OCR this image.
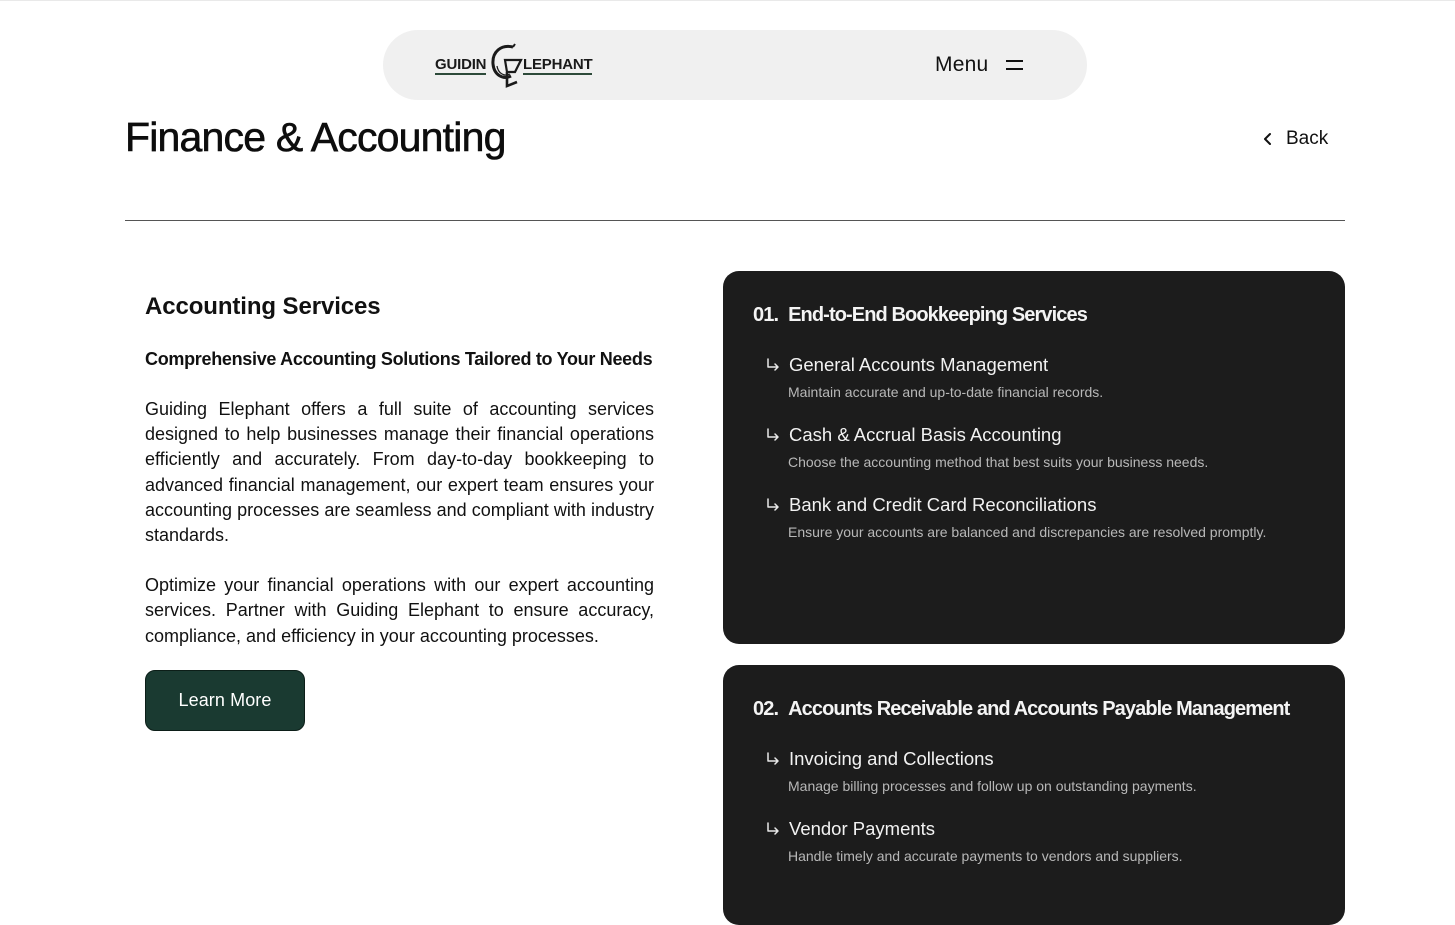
GUIDIN LEPHANT	Menu
Finance & Accounting	Back
Accounting Services
Comprehensive Accounting Solutions Tailored to Your Needs

Guiding Elephant offers a full suite of accounting services designed to help businesses manage their financial operations efficiently and accurately. From day-to-day bookkeeping to advanced financial management, our expert team ensures your accounting processes are seamless and compliant with industry standards.

Optimize your financial operations with our expert accounting services. Partner with Guiding Elephant to ensure accuracy, compliance, and efficiency in your accounting processes.

Learn More
01. End-to-End Bookkeeping Services
General Accounts Management

Maintain accurate and up-to-date financial records.

Cash & Accrual Basis Accounting

Choose the accounting method that best suits your business needs.

Bank and Credit Card Reconciliations

Ensure your accounts are balanced and discrepancies are resolved promptly.

02. Accounts Receivable and Accounts Payable Management
Invoicing and Collections

Manage billing processes and follow up on outstanding payments.

Vendor Payments

Handle timely and accurate payments to vendors and suppliers.
